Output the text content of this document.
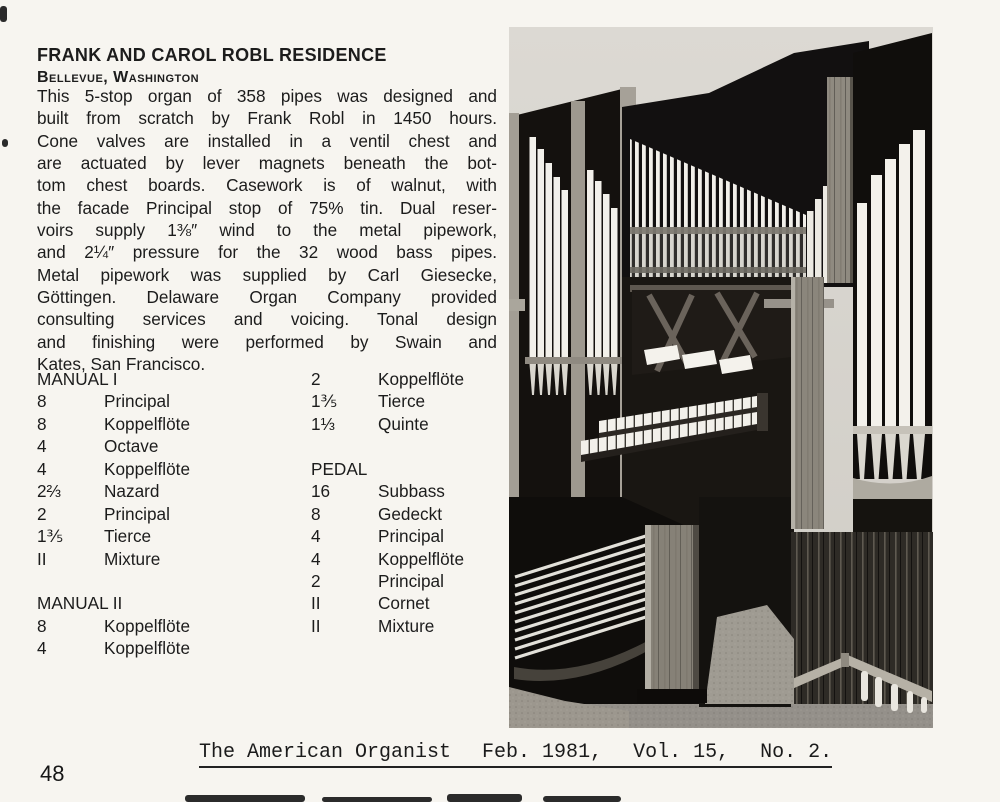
FRANK AND CAROL ROBL RESIDENCE
Bellevue, Washington

This 5-stop organ of 358 pipes was designed and

built from scratch by Frank Robl in 1450 hours.

Cone valves are installed in a ventil chest and

are actuated by lever magnets beneath the bot-

tom chest boards. Casework is of walnut, with

the facade Principal stop of 75% tin. Dual reser-

voirs supply 1⅜″ wind to the metal pipework,

and 2¼″ pressure for the 32 wood bass pipes.

Metal pipework was supplied by Carl Giesecke,

Göttingen. Delaware Organ Company provided

consulting services and voicing. Tonal design

and finishing were performed by Swain and

Kates, San Francisco.

MANUAL I
8	Principal
8	Koppelflöte
4	Octave
4	Koppelflöte
2⅔	Nazard
2	Principal
1⅗ Tierce
II	Mixture
MANUAL II
8	Koppelflöte
4	Koppelflöte
2	Koppelflöte
1⅗ Tierce
1⅓	Quinte
PEDAL
16	Subbass
8	Gedeckt
4	Principal
4	Koppelflöte
2	Principal
II	Cornet
II	Mixture
The American Organist Feb. 1981, Vol. 15, No. 2.
48
